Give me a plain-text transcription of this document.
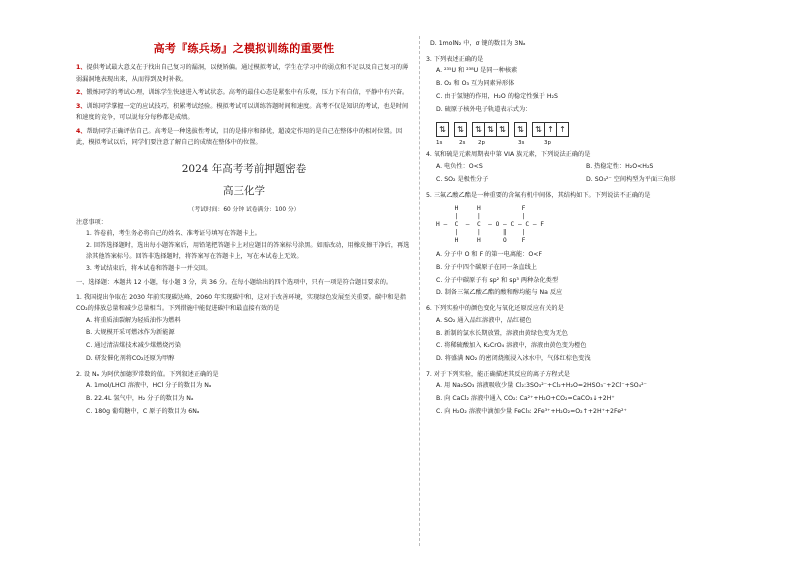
高考『练兵场』之模拟训练的重要性
1、提供考试最大意义在于找出自己复习的漏洞，以便矫偏。通过模拟考试，学生在学习中的弱点和不足以及自己复习的薄弱漏洞地表现出来，从而得到及时补救。
2、锻炼同学的考试心理，训练学生快速进入考试状态。高考的最佳心态是紧张中有乐观，压力下有自信，平静中有兴奋。
3、训练同学掌握一定的应试技巧，积累考试经验。模拟考试可以训练答题时间和速度。高考不仅是知识的考试，也是时间和速度的竞争，可以说每分每秒都是成绩。
4、帮助同学正确评估自己。高考是一种选拔性考试，目的是排序和择优，超凌定作用的是自己在整体中的相对位置。因此，模拟考试以后，同学们要注意了解自己的成绩在整体中的位置。
2024 年高考考前押题密卷
高三化学
（考试时间：60 分钟 试卷满分：100 分）
注意事项：
1. 答卷前，考生务必将自己的姓名、准考证号填写在答题卡上。
2. 回答选择题时，选出每小题答案后，用铅笔把答题卡上对应题目的答案标号涂黑。如需改动，用橡皮擦干净后，再选涂其他答案标号。回答非选择题时，将答案写在答题卡上，写在本试卷上无效。
3. 考试结束后，将本试卷和答题卡一并交回。
一、选择题：本题共 12 小题，每小题 3 分，共 36 分。在每小题给出的四个选项中，只有一项是符合题目要求的。
1. 我国提出争取在 2030 年前实现碳达峰，2060 年实现碳中和，这对于改善环境，实现绿色发展至关重要。碳中和是指CO₂的排放总量和减少总量相当。下列措施中能促进碳中和最直接有效的是
A. 将重质油裂解为轻质油作为燃料
B. 大规模开采可燃冰作为新能源
C. 通过清洁煤技术减少煤燃烧污染
D. 研发催化剂将CO₂还原为甲醇
2. 设 Nₐ 为阿伏加德罗常数的值。下列叙述正确的是
A. 1mol/LHCl 溶液中，HCl 分子的数目为 Nₐ
B. 22.4L 氢气中，H₂ 分子的数目为 Nₐ
C. 180g 葡萄糖中，C 原子的数目为 6Nₐ
D. 1molN₂ 中，σ 键的数目为 3Nₐ
3. 下列表述正确的是
A. ²³⁵U 和 ²³⁸U 是同一种核素
B. O₂ 和 O₃ 互为同素异形体
C. 由于氢键的作用，H₂O 的稳定性强于 H₂S
D. 硫原子核外电子轨道表示式为：
⇅	⇅	⇅ ⇅ ⇅	⇅	⇅ ↑ ↑
1s	2s	2p	3s	3p
4. 氧和硫是元素周期表中第 VIA 族元素，下列说法正确的是
A. 电负性：O<S	B. 热稳定性：H₂O<H₂S
C. SO₂ 是极性分子	D. SO₃²⁻ 空间构型为平面三角形
5. 三氟乙酸乙酯是一种重要的含氟有机中间体，其结构如下。下列说法不正确的是
H     H           F
|     |           |
H —  C  —  C  — O — C — C — F
|     |      ‖    |
H     H      O    F
A. 分子中 O 和 F 的第一电离能：O<F
B. 分子中四个碳原子在同一条直线上
C. 分子中碳原子有 sp² 和 sp³ 两种杂化类型
D. 制备三氟乙酸乙酯的酸和醇均能与 Na 反应
6. 下列实验中的颜色变化与氧化还原反应有关的是
A. SO₂ 通入品红溶液中，品红褪色
B. 新制的氯水长期放置，溶液由黄绿色变为无色
C. 将稀硫酸加入 K₂CrO₄ 溶液中，溶液由黄色变为橙色
D. 将盛满 NO₂ 的密闭烧瓶浸入冰水中，气体红棕色变浅
7. 对于下列实验，能正确描述其反应的离子方程式是
A. 用 Na₂SO₃ 溶液吸收少量 Cl₂:3SO₃²⁻+Cl₂+H₂O=2HSO₃⁻+2Cl⁻+SO₄²⁻
B. 向 CaCl₂ 溶液中通入 CO₂: Ca²⁺+H₂O+CO₂=CaCO₃↓+2H⁺
C. 向 H₂O₂ 溶液中滴加少量 FeCl₃: 2Fe³⁺+H₂O₂=O₂↑+2H⁺+2Fe²⁺
